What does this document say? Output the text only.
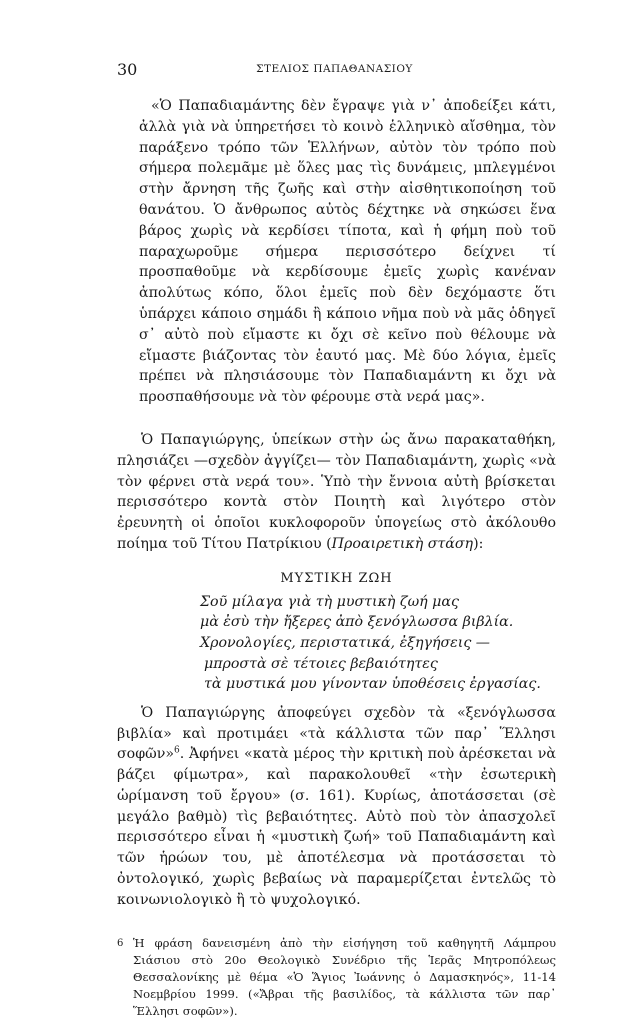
30	ΣΤΕΛΙΟΣ ΠΑΠΑΘΑΝΑΣΙΟΥ

«Ὁ Παπαδιαμάντης δὲν ἔγραψε γιὰ ν᾿ ἀποδείξει κάτι, ἀλλὰ γιὰ νὰ ὑπηρετήσει τὸ κοινὸ ἑλληνικὸ αἴσθημα, τὸν παράξενο τρόπο τῶν Ἑλλήνων, αὐτὸν τὸν τρόπο ποὺ σήμερα πολεμᾶμε μὲ ὅλες μας τὶς δυνάμεις, μπλεγμένοι στὴν ἄρνηση τῆς ζωῆς καὶ στὴν αἰσθητικοποίηση τοῦ θανάτου. Ὁ ἄνθρωπος αὐτὸς δέχτηκε νὰ σηκώσει ἕνα βάρος χωρὶς νὰ κερδίσει τίποτα, καὶ ἡ φήμη ποὺ τοῦ παραχωροῦμε σήμερα περισσότερο δείχνει τί προσπαθοῦμε νὰ κερδίσουμε ἐμεῖς χωρὶς κανέναν ἀπολύτως κόπο, ὅλοι ἐμεῖς ποὺ δὲν δεχόμαστε ὅτι ὑπάρχει κάποιο σημάδι ἢ κάποιο νῆμα ποὺ νὰ μᾶς ὁδηγεῖ σ᾿ αὐτὸ ποὺ εἴμαστε κι ὄχι σὲ κεῖνο ποὺ θέλουμε νὰ εἴμαστε βιάζοντας τὸν ἑαυτό μας. Μὲ δύο λόγια, ἐμεῖς πρέπει νὰ πλησιάσουμε τὸν Παπαδιαμάντη κι ὄχι νὰ προσπαθήσουμε νὰ τὸν φέρουμε στὰ νερά μας».

Ὁ Παπαγιώργης, ὑπείκων στὴν ὡς ἄνω παρακαταθήκη, πλησιάζει —σχεδὸν ἀγγίζει— τὸν Παπαδιαμάντη, χωρὶς «νὰ τὸν φέρνει στὰ νερά του». Ὑπὸ τὴν ἔννοια αὐτὴ βρίσκεται περισσότερο κοντὰ στὸν Ποιητὴ καὶ λιγότερο στὸν ἐρευνητὴ οἱ ὁποῖοι κυκλοφοροῦν ὑπογείως στὸ ἀκόλουθο ποίημα τοῦ Τίτου Πατρίκιου (Προαιρετικὴ στάση):

ΜΥΣΤΙΚΗ ΖΩΗ
Σοῦ μίλαγα γιὰ τὴ μυστικὴ ζωή μας
μὰ ἐσὺ τὴν ἤξερες ἀπὸ ξενόγλωσσα βιβλία.
Χρονολογίες, περιστατικά, ἐξηγήσεις —
μπροστὰ σὲ τέτοιες βεβαιότητες
τὰ μυστικά μου γίνονταν ὑποθέσεις ἐργασίας.

Ὁ Παπαγιώργης ἀποφεύγει σχεδὸν τὰ «ξενόγλωσσα βιβλία» καὶ προτιμάει «τὰ κάλλιστα τῶν παρ᾿ Ἕλλησι σοφῶν»$^6$. Ἀφήνει «κατὰ μέρος τὴν κριτικὴ ποὺ ἀρέσκεται νὰ βάζει φίμωτρα», καὶ παρακολουθεῖ «τὴν ἐσωτερικὴ ὡρίμανση τοῦ ἔργου» (σ. 161). Κυρίως, ἀποτάσσεται (σὲ μεγάλο βαθμὸ) τὶς βεβαιότητες. Αὐτὸ ποὺ τὸν ἀπασχολεῖ περισσότερο εἶναι ἡ «μυστικὴ ζωή» τοῦ Παπαδιαμάντη καὶ τῶν ἡρώων του, μὲ ἀποτέλεσμα νὰ προτάσσεται τὸ ὀντολογικό, χωρὶς βεβαίως νὰ παραμερίζεται ἐντελῶς τὸ κοινωνιολογικὸ ἢ τὸ ψυχολογικό.

6 Ἡ φράση δανεισμένη ἀπὸ τὴν εἰσήγηση τοῦ καθηγητῆ Λάμπρου Σιάσιου στὸ 20ο Θεολογικὸ Συνέδριο τῆς Ἱερᾶς Μητροπόλεως Θεσσαλονίκης μὲ θέμα «Ὁ Ἅγιος Ἰωάννης ὁ Δαμασκηνός», 11-14 Νοεμβρίου 1999. («Ἄβραι τῆς βασιλίδος, τὰ κάλλιστα τῶν παρ᾿ Ἕλλησι σοφῶν»).
